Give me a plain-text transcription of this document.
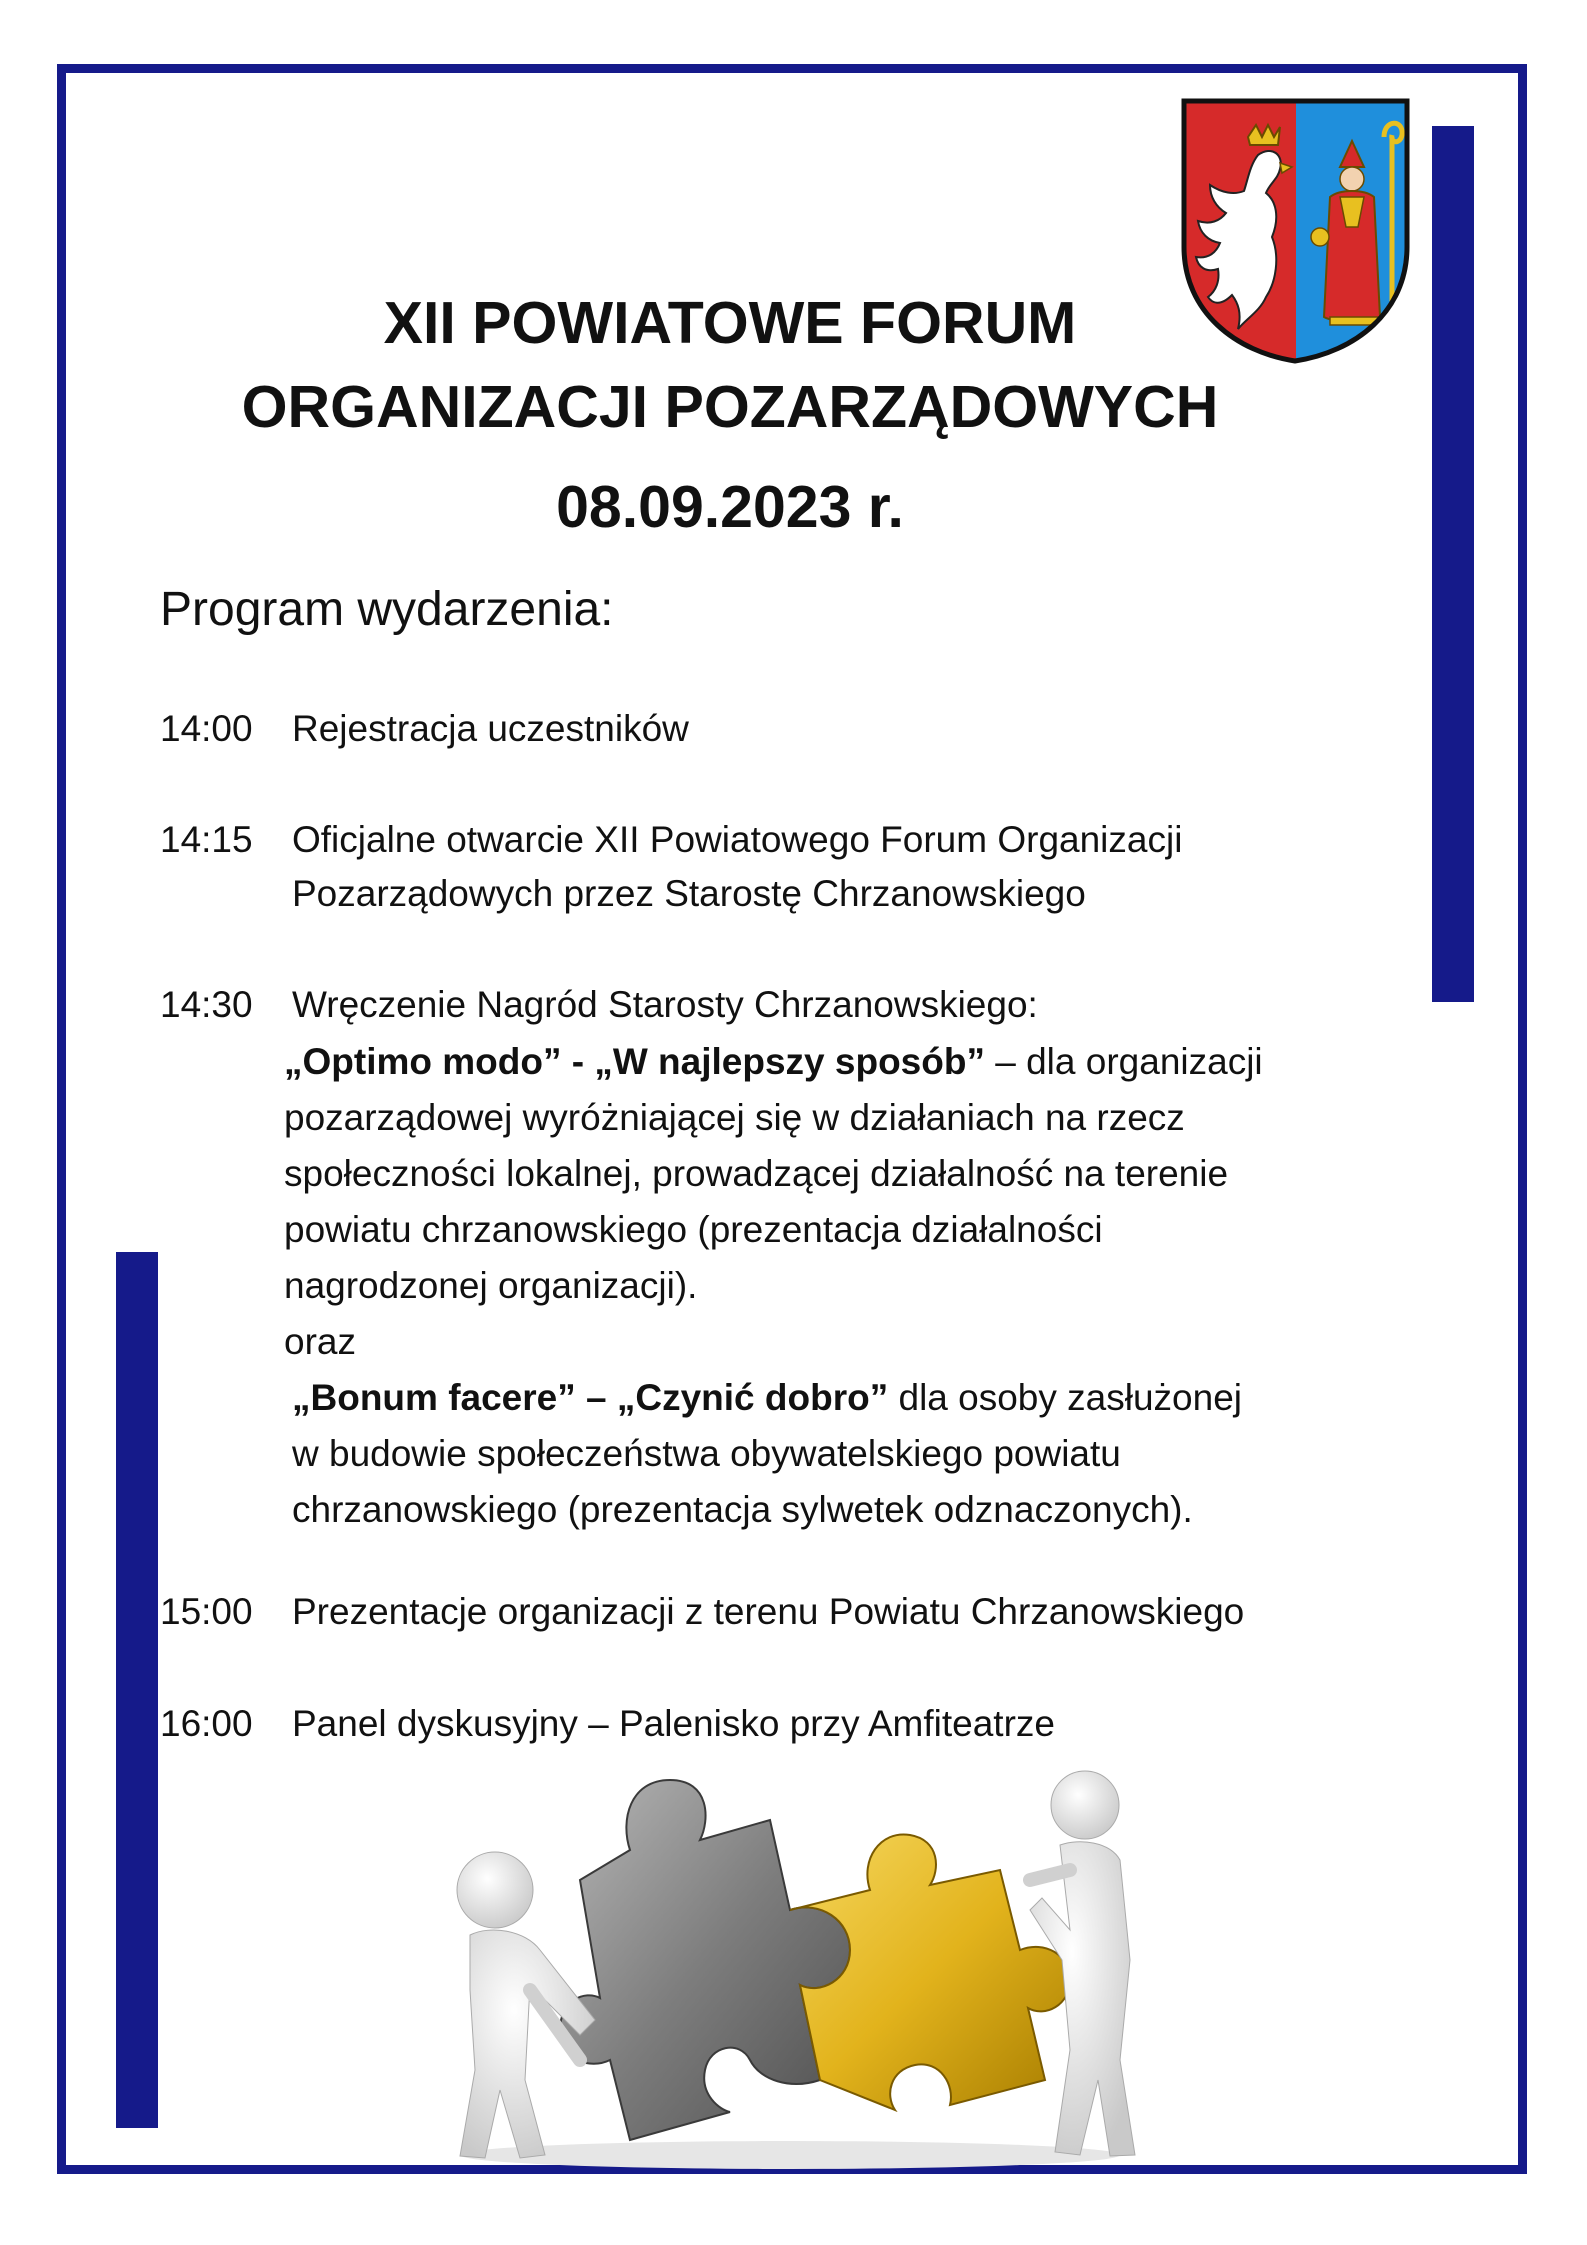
XII POWIATOWE FORUM
ORGANIZACJI POZARZĄDOWYCH
08.09.2023 r.
Program wydarzenia:
14:00 Rejestracja uczestników
14:15 Oficjalne otwarcie XII Powiatowego Forum Organizacji
Pozarządowych przez Starostę Chrzanowskiego
14:30 Wręczenie Nagród Starosty Chrzanowskiego:
„Optimo modo” - „W najlepszy sposób” – dla organizacji
pozarządowej wyróżniającej się w działaniach na rzecz
społeczności lokalnej, prowadzącej działalność na terenie
powiatu chrzanowskiego (prezentacja działalności
nagrodzonej organizacji).
oraz
„Bonum facere” – „Czynić dobro” dla osoby zasłużonej
w budowie społeczeństwa obywatelskiego powiatu
chrzanowskiego (prezentacja sylwetek odznaczonych).
15:00 Prezentacje organizacji z terenu Powiatu Chrzanowskiego
16:00 Panel dyskusyjny – Palenisko przy Amfiteatrze
